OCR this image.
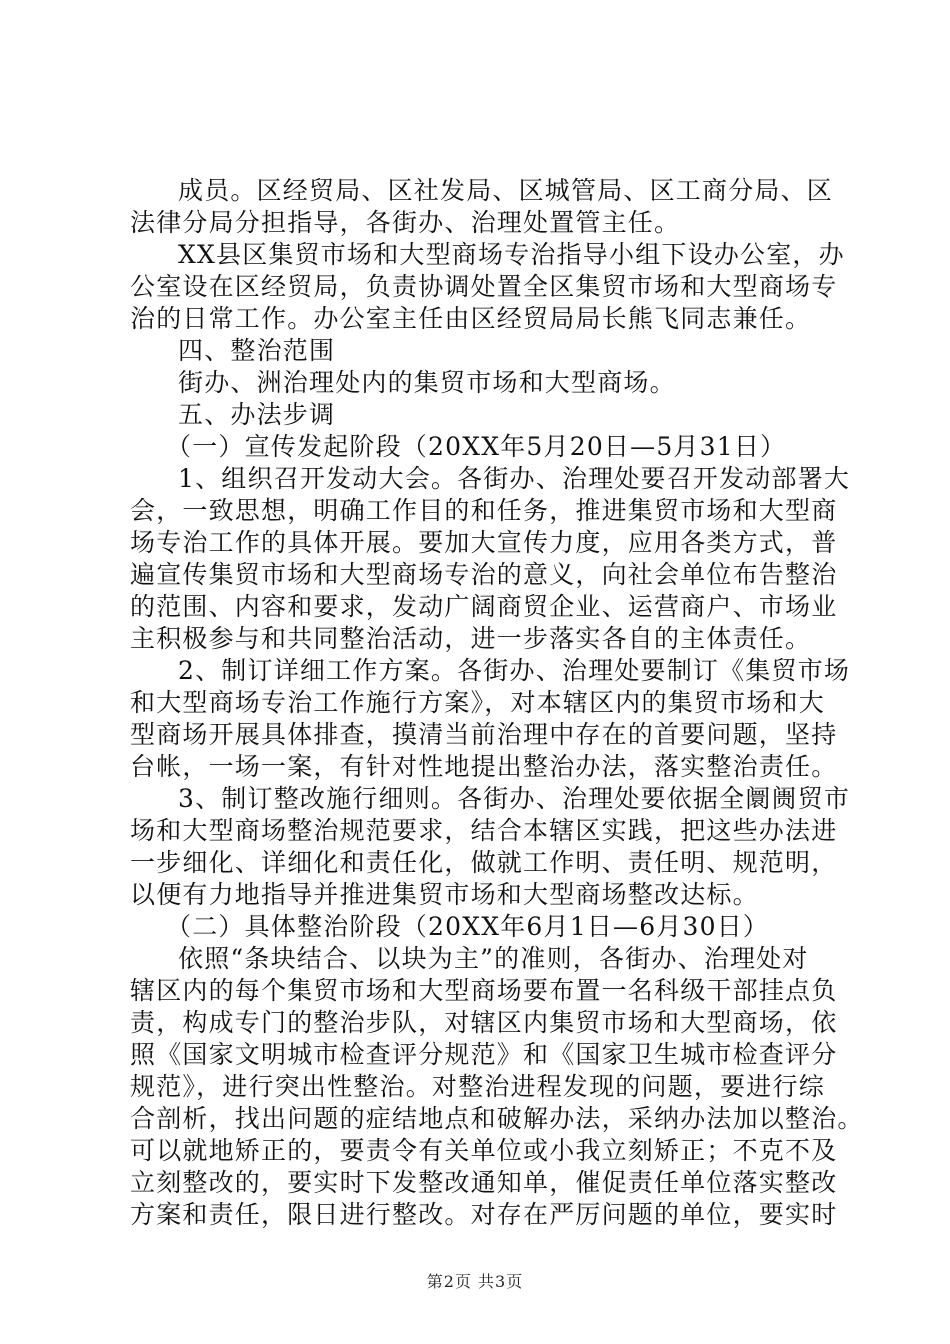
成员。区经贸局、区社发局、区城管局、区工商分局、区
法律分局分担指导，各街办、治理处置管主任。
XX县区集贸市场和大型商场专治指导小组下设办公室，办
公室设在区经贸局，负责协调处置全区集贸市场和大型商场专
治的日常工作。办公室主任由区经贸局局长熊飞同志兼任。
四、整治范围
街办、洲治理处内的集贸市场和大型商场。
五、办法步调
（一）宣传发起阶段（20XX年5月20日—5月31日）
1、组织召开发动大会。各街办、治理处要召开发动部署大
会，一致思想，明确工作目的和任务，推进集贸市场和大型商
场专治工作的具体开展。要加大宣传力度，应用各类方式，普
遍宣传集贸市场和大型商场专治的意义，向社会单位布告整治
的范围、内容和要求，发动广阔商贸企业、运营商户、市场业
主积极参与和共同整治活动，进一步落实各自的主体责任。
2、制订详细工作方案。各街办、治理处要制订《集贸市场
和大型商场专治工作施行方案》，对本辖区内的集贸市场和大
型商场开展具体排查，摸清当前治理中存在的首要问题，坚持
台帐，一场一案，有针对性地提出整治办法，落实整治责任。
3、制订整改施行细则。各街办、治理处要依据全阛阓贸市
场和大型商场整治规范要求，结合本辖区实践，把这些办法进
一步细化、详细化和责任化，做就工作明、责任明、规范明，
以便有力地指导并推进集贸市场和大型商场整改达标。
（二）具体整治阶段（20XX年6月1日—6月30日）
依照“条块结合、以块为主”的准则，各街办、治理处对
辖区内的每个集贸市场和大型商场要布置一名科级干部挂点负
责，构成专门的整治步队，对辖区内集贸市场和大型商场，依
照《国家文明城市检查评分规范》和《国家卫生城市检查评分
规范》，进行突出性整治。对整治进程发现的问题，要进行综
合剖析，找出问题的症结地点和破解办法，采纳办法加以整治。
可以就地矫正的，要责令有关单位或小我立刻矫正；不克不及
立刻整改的，要实时下发整改通知单，催促责任单位落实整改
方案和责任，限日进行整改。对存在严厉问题的单位，要实时
第2页 共3页
